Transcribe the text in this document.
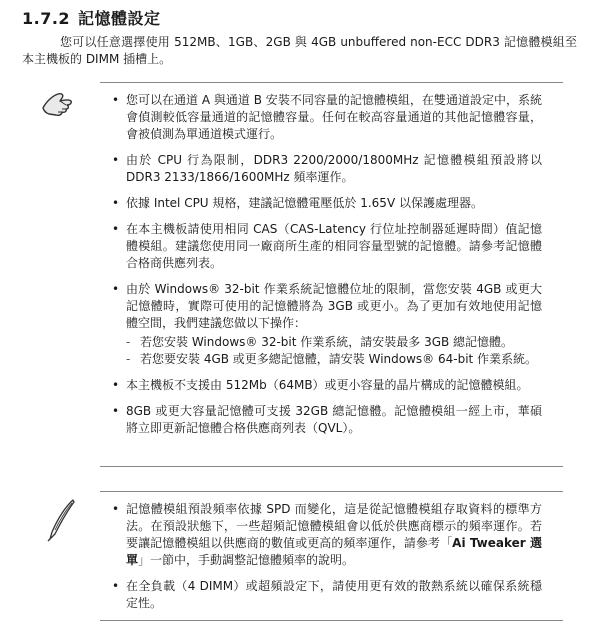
1.7.2 記憶體設定
您可以任意選擇使用 512MB、1GB、2GB 與 4GB unbuffered non-ECC DDR3 記憶體模組至本主機板的 DIMM 插槽上。
• 您可以在通道 A 與通道 B 安裝不同容量的記憶體模組，在雙通道設定中，系統會偵測較低容量通道的記憶體容量。任何在較高容量通道的其他記憶體容量，會被偵測為單通道模式運行。
• 由於 CPU 行為限制，DDR3 2200/2000/1800MHz 記憶體模組預設將以 DDR3 2133/1866/1600MHz 頻率運作。
• 依據 Intel CPU 規格，建議記憶體電壓低於 1.65V 以保護處理器。
• 在本主機板請使用相同 CAS（CAS-Latency 行位址控制器延遲時間）值記憶體模組。建議您使用同一廠商所生產的相同容量型號的記憶體。請參考記憶體合格商供應列表。
• 由於 Windows® 32-bit 作業系統記憶體位址的限制，當您安裝 4GB 或更大記憶體時，實際可使用的記憶體將為 3GB 或更小。為了更加有效地使用記憶體空間，我們建議您做以下操作：
- 若您安裝 Windows® 32-bit 作業系統，請安裝最多 3GB 總記憶體。
- 若您要安裝 4GB 或更多總記憶體，請安裝 Windows® 64-bit 作業系統。
• 本主機板不支援由 512Mb（64MB）或更小容量的晶片構成的記憶體模組。
• 8GB 或更大容量記憶體可支援 32GB 總記憶體。記憶體模組一經上市，華碩將立即更新記憶體合格供應商列表（QVL）。
• 記憶體模組預設頻率依據 SPD 而變化，這是從記憶體模組存取資料的標準方法。在預設狀態下，一些超頻記憶體模組會以低於供應商標示的頻率運作。若要讓記憶體模組以供應商的數值或更高的頻率運作，請參考「Ai Tweaker 選單」一節中，手動調整記憶體頻率的說明。
• 在全負載（4 DIMM）或超頻設定下，請使用更有效的散熱系統以確保系統穩定性。
